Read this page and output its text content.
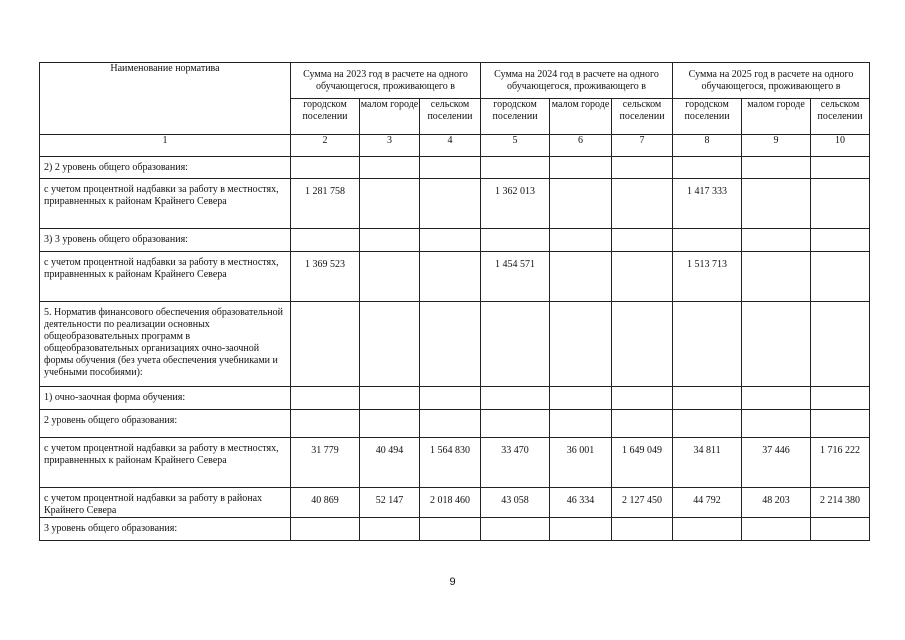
Наименование норматива	Сумма на 2023 год в расчете на одного обучающегося, проживающего в			Сумма на 2024 год в расчете на одного обучающегося, проживающего в			Сумма на 2025 год в расчете на одного обучающегося, проживающего в		
	городском поселении	малом городе	сельском поселении	городском поселении	малом городе	сельском поселении	городском поселении	малом городе	сельском поселении
1	2	3	4	5	6	7	8	9	10
2) 2 уровень общего образования:									
с учетом процентной надбавки за работу в местностях, приравненных к районам Крайнего Севера	1 281 758			1 362 013			1 417 333		
3) 3 уровень общего образования:									
с учетом процентной надбавки за работу в местностях, приравненных к районам Крайнего Севера	1 369 523			1 454 571			1 513 713		
5. Норматив финансового обеспечения образовательной деятельности по реализации основных общеобразовательных программ в общеобразовательных организациях очно-заочной формы обучения (без учета обеспечения учебниками и учебными пособиями):									
1) очно-заочная форма обучения:									
2 уровень общего образования:									
с учетом процентной надбавки за работу в местностях, приравненных к районам Крайнего Севера	31 779	40 494	1 564 830	33 470	36 001	1 649 049	34 811	37 446	1 716 222
с учетом процентной надбавки за работу в районах Крайнего Севера	40 869	52 147	2 018 460	43 058	46 334	2 127 450	44 792	48 203	2 214 380
3 уровень общего образования:									
9
